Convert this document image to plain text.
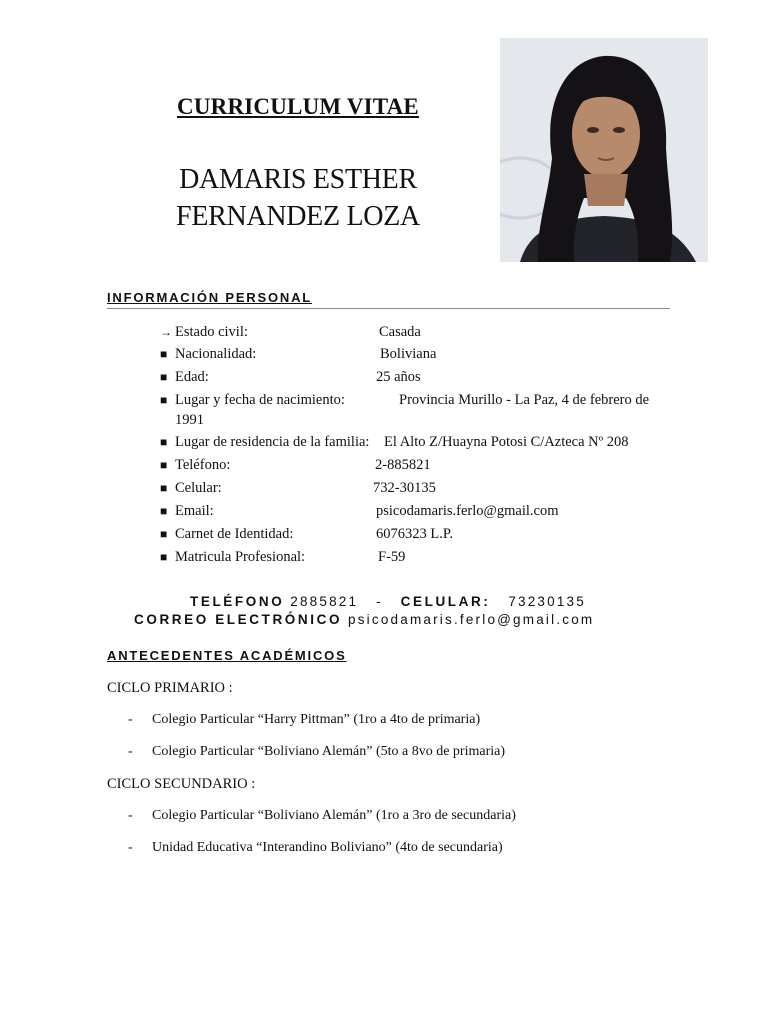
CURRICULUM VITAE
DAMARIS ESTHER
FERNANDEZ LOZA
INFORMACIÓN PERSONAL
→ Estado civil:	Casada
■ Nacionalidad:	Boliviana
■ Edad:	25 años
■ Lugar y fecha de nacimiento:	Provincia Murillo - La Paz, 4 de febrero de
1991
■ Lugar de residencia de la familia: El Alto Z/Huayna Potosi C/Azteca Nº 208
■ Teléfono:	2-885821
■ Celular:	732-30135
■ Email:	psicodamaris.ferlo@gmail.com
■ Carnet de Identidad:	6076323 L.P.
■ Matricula Profesional:	F-59
TELÉFONO 2885821 - CELULAR: 73230135
CORREO ELECTRÓNICO psicodamaris.ferlo@gmail.com
ANTECEDENTES ACADÉMICOS
CICLO PRIMARIO :
- Colegio Particular “Harry Pittman” (1ro a 4to de primaria)
- Colegio Particular “Boliviano Alemán” (5to a 8vo de primaria)
CICLO SECUNDARIO :
- Colegio Particular “Boliviano Alemán” (1ro a 3ro de secundaria)
- Unidad Educativa “Interandino Boliviano” (4to de secundaria)
